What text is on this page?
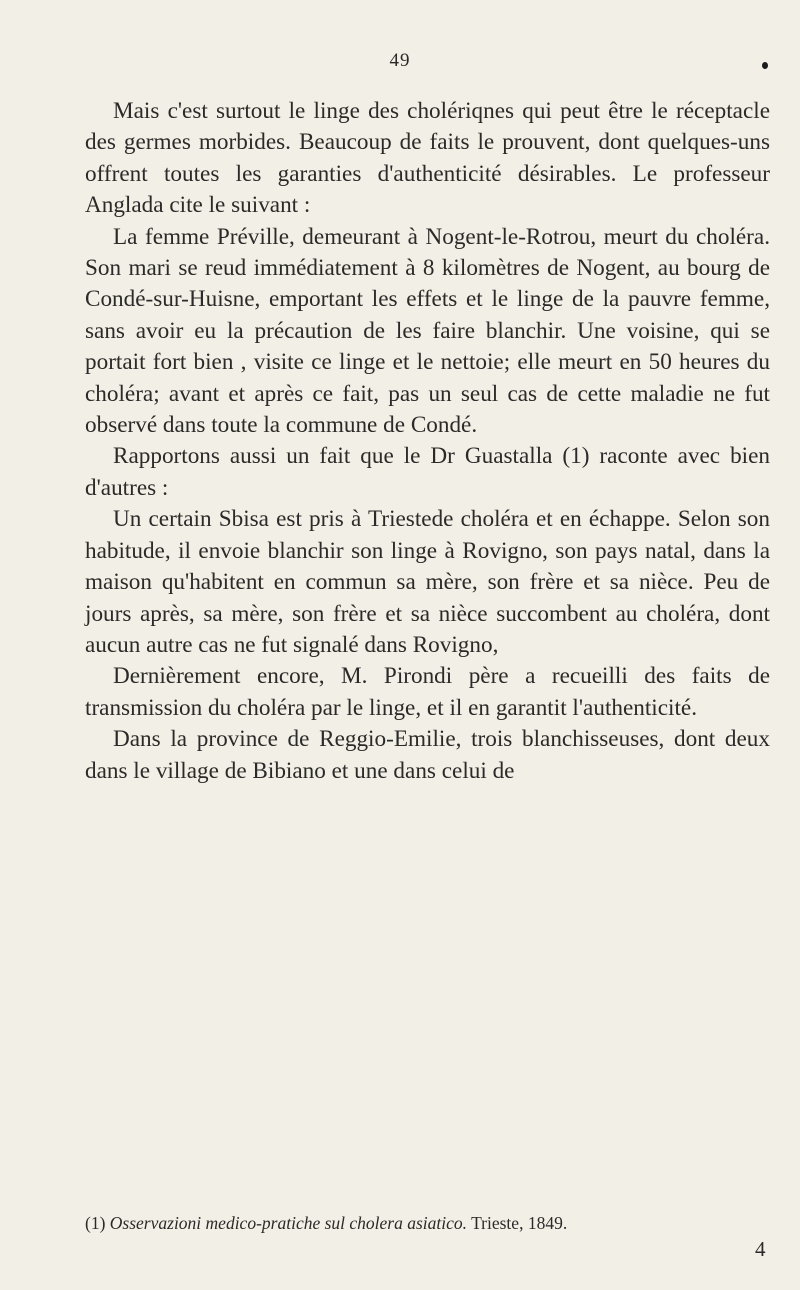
49

Mais c'est surtout le linge des cholériqnes qui peut être le réceptacle des germes morbides. Beaucoup de faits le prouvent, dont quelques-uns offrent toutes les garanties d'authenticité désirables. Le professeur Anglada cite le suivant :

La femme Préville, demeurant à Nogent-le-Rotrou, meurt du choléra. Son mari se reud immédiatement à 8 kilomètres de Nogent, au bourg de Condé-sur-Huisne, emportant les effets et le linge de la pauvre femme, sans avoir eu la précaution de les faire blanchir. Une voisine, qui se portait fort bien , visite ce linge et le nettoie; elle meurt en 50 heures du choléra; avant et après ce fait, pas un seul cas de cette maladie ne fut observé dans toute la commune de Condé.

Rapportons aussi un fait que le Dr Guastalla (1) raconte avec bien d'autres :

Un certain Sbisa est pris à Triestede choléra et en échappe. Selon son habitude, il envoie blanchir son linge à Rovigno, son pays natal, dans la maison qu'habitent en commun sa mère, son frère et sa nièce. Peu de jours après, sa mère, son frère et sa nièce succombent au choléra, dont aucun autre cas ne fut signalé dans Rovigno,

Dernièrement encore, M. Pirondi père a recueilli des faits de transmission du choléra par le linge, et il en garantit l'authenticité.

Dans la province de Reggio-Emilie, trois blanchisseuses, dont deux dans le village de Bibiano et une dans celui de

(1) Osservazioni medico-pratiche sul cholera asiatico. Trieste, 1849.
4
